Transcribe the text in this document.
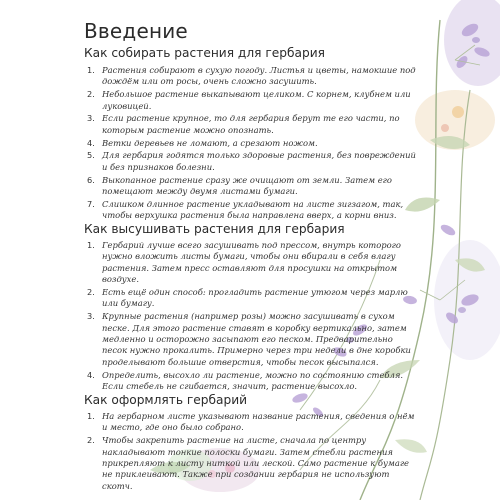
Введение
Как собирать растения для гербария
1. Растения собирают в сухую погоду. Листья и цветы, намокшие под дождём или от росы, очень сложно засушить.
2. Небольшое растение выкапывают целиком. С корнем, клубнем или луковицей.
3. Если растение крупное, то для гербария берут те его части, по которым растение можно опознать.
4. Ветки деревьев не ломают, а срезают ножом.
5. Для гербария годятся только здоровые растения, без повреждений и без признаков болезни.
6. Выкопанное растение сразу же очищают от земли. Затем его помещают между двумя листами бумаги.
7. Слишком длинное растение укладывают на листе зигзагом, так, чтобы верхушка растения была направлена вверх, а корни вниз.
Как высушивать растения для гербария
1. Гербарий лучше всего засушивать под прессом, внутрь которого нужно вложить листы бумаги, чтобы они вбирали в себя влагу растения. Затем пресс оставляют для просушки на открытом воздухе.
2. Есть ещё один способ: прогладить растение утюгом через марлю или бумагу.
3. Крупные растения (например розы) можно засушивать в сухом песке. Для этого растение ставят в коробку вертикально, затем медленно и осторожно засыпают его песком. Предварительно песок нужно прокалить. Примерно через три недели в дне коробки проделывают большие отверстия, чтобы песок высыпался.
4. Определить, высохло ли растение, можно по состоянию стебля. Если стебель не сгибается, значит, растение высохло.
Как оформлять гербарий
1. На гербарном листе указывают название растения, сведения о нём и место, где оно было собрано.
2. Чтобы закрепить растение на листе, сначала по центру накладывают тонкие полоски бумаги. Затем стебли растения прикрепляют к листу ниткой или леской. Само растение к бумаге не приклеивают. Также при создании гербария не используют скотч.
